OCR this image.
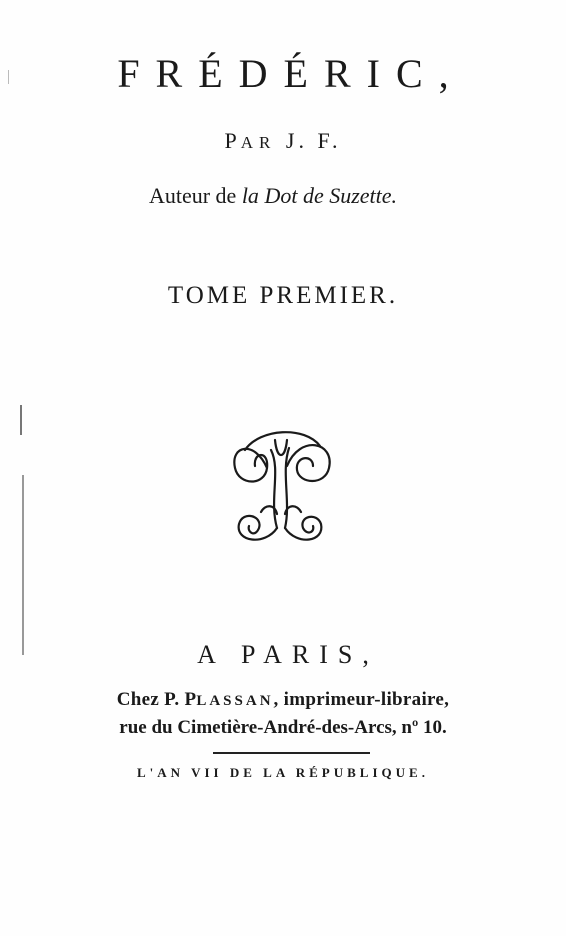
FRÉDÉRIC,
PAR J. F.
Auteur de la Dot de Suzette.
TOME PREMIER.
A PARIS,
Chez P. PLASSAN, imprimeur-libraire,
rue du Cimetière-André-des-Arcs, nº 10.
L'AN VII DE LA RÉPUBLIQUE.
